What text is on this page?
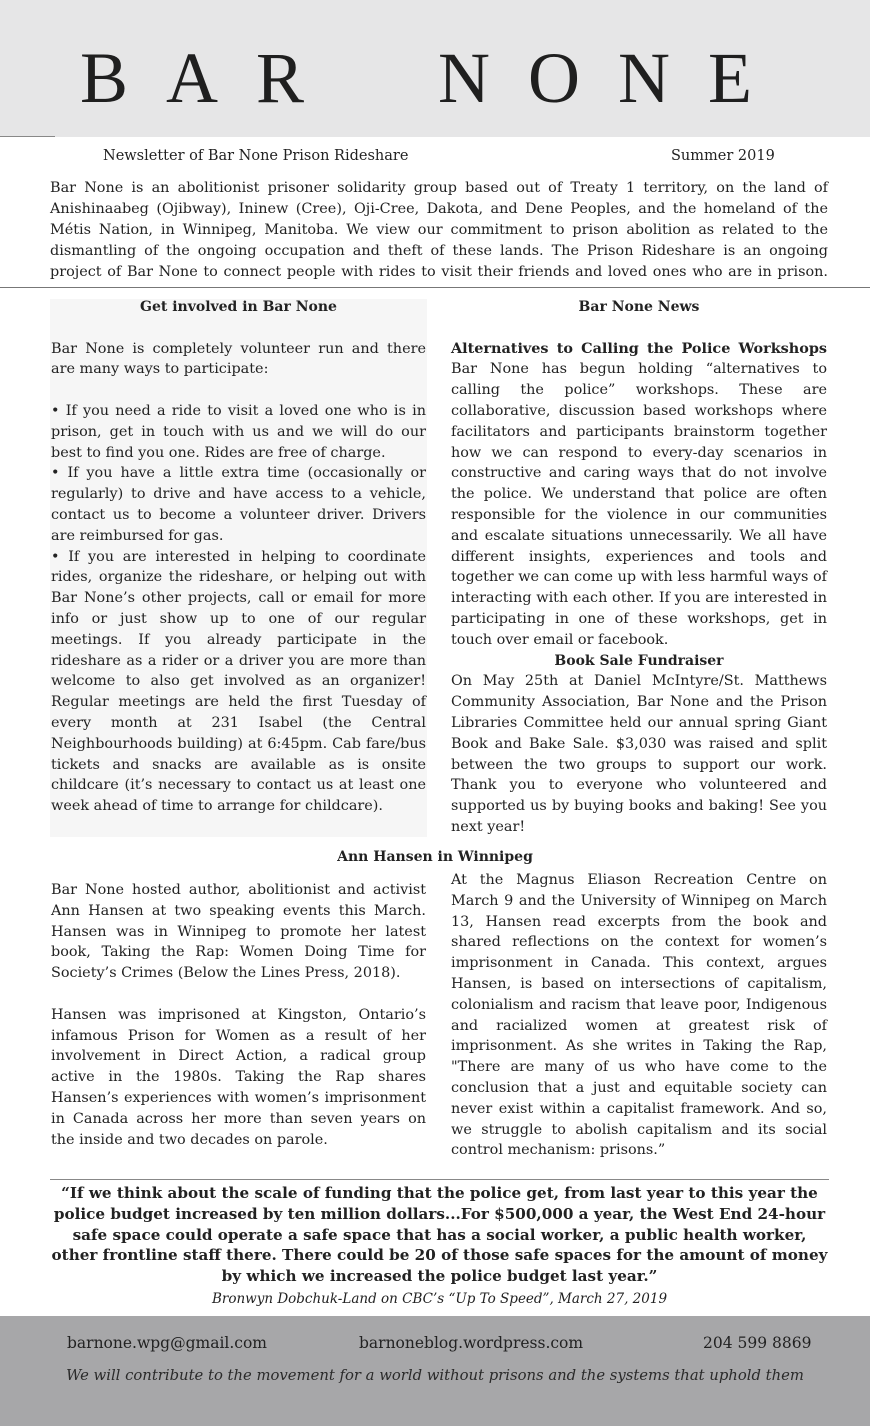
BAR NONE
Newsletter of Bar None Prison Rideshare	Summer 2019
Bar None is an abolitionist prisoner solidarity group based out of Treaty 1 territory, on the land of Anishinaabeg (Ojibway), Ininew (Cree), Oji-Cree, Dakota, and Dene Peoples, and the homeland of the Métis Nation, in Winnipeg, Manitoba. We view our commitment to prison abolition as related to the dismantling of the ongoing occupation and theft of these lands. The Prison Rideshare is an ongoing project of Bar None to connect people with rides to visit their friends and loved ones who are in prison.

Get involved in Bar None

Bar None is completely volunteer run and there are many ways to participate:

• If you need a ride to visit a loved one who is in prison, get in touch with us and we will do our best to find you one. Rides are free of charge.

• If you have a little extra time (occasionally or regularly) to drive and have access to a vehicle, contact us to become a volunteer driver. Drivers are reimbursed for gas.

• If you are interested in helping to coordinate rides, organize the rideshare, or helping out with Bar None’s other projects, call or email for more info or just show up to one of our regular meetings. If you already participate in the rideshare as a rider or a driver you are more than welcome to also get involved as an organizer! Regular meetings are held the first Tuesday of every month at 231 Isabel (the Central Neighbourhoods building) at 6:45pm. Cab fare/bus tickets and snacks are available as is onsite childcare (it’s necessary to contact us at least one week ahead of time to arrange for childcare).

Bar None News

Alternatives to Calling the Police Workshops

Bar None has begun holding “alternatives to calling the police” workshops. These are collaborative, discussion based workshops where facilitators and participants brainstorm together how we can respond to every-day scenarios in constructive and caring ways that do not involve the police. We understand that police are often responsible for the violence in our communities and escalate situations unnecessarily. We all have different insights, experiences and tools and together we can come up with less harmful ways of interacting with each other. If you are interested in participating in one of these workshops, get in touch over email or facebook.

Book Sale Fundraiser

On May 25th at Daniel McIntyre/St. Matthews Community Association, Bar None and the Prison Libraries Committee held our annual spring Giant Book and Bake Sale. $3,030 was raised and split between the two groups to support our work. Thank you to everyone who volunteered and supported us by buying books and baking! See you next year!

Ann Hansen in Winnipeg

Bar None hosted author, abolitionist and activist Ann Hansen at two speaking events this March. Hansen was in Winnipeg to promote her latest book, Taking the Rap: Women Doing Time for Society’s Crimes (Below the Lines Press, 2018).

Hansen was imprisoned at Kingston, Ontario’s infamous Prison for Women as a result of her involvement in Direct Action, a radical group active in the 1980s. Taking the Rap shares Hansen’s experiences with women’s imprisonment in Canada across her more than seven years on the inside and two decades on parole.

At the Magnus Eliason Recreation Centre on March 9 and the University of Winnipeg on March 13, Hansen read excerpts from the book and shared reflections on the context for women’s imprisonment in Canada. This context, argues Hansen, is based on intersections of capitalism, colonialism and racism that leave poor, Indigenous and racialized women at greatest risk of imprisonment. As she writes in Taking the Rap, "There are many of us who have come to the conclusion that a just and equitable society can never exist within a capitalist framework. And so, we struggle to abolish capitalism and its social control mechanism: prisons.”

“If we think about the scale of funding that the police get, from last year to this year the police budget increased by ten million dollars...For $500,000 a year, the West End 24-hour safe space could operate a safe space that has a social worker, a public health worker, other frontline staff there. There could be 20 of those safe spaces for the amount of money by which we increased the police budget last year.”
Bronwyn Dobchuk-Land on CBC’s “Up To Speed”, March 27, 2019
barnone.wpg@gmail.com	barnoneblog.wordpress.com	204 599 8869
We will contribute to the movement for a world without prisons and the systems that uphold them
